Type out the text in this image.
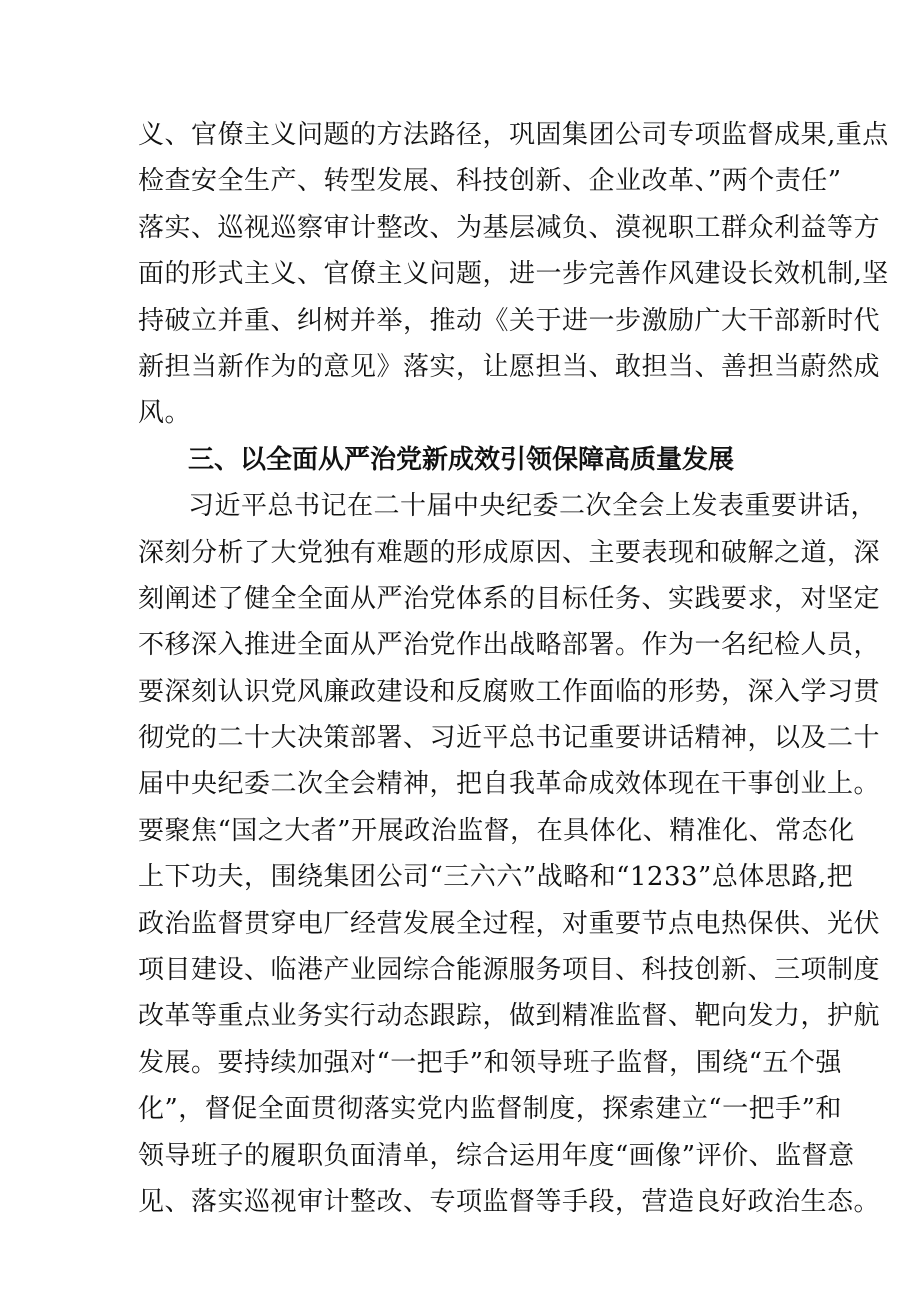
义、官僚主义问题的方法路径，巩固集团公司专项监督成果,重点
检查安全生产、转型发展、科技创新、企业改革、”两个责任”
落实、巡视巡察审计整改、为基层减负、漠视职工群众利益等方
面的形式主义、官僚主义问题，进一步完善作风建设长效机制,坚
持破立并重、纠树并举，推动《关于进一步激励广大干部新时代
新担当新作为的意见》落实，让愿担当、敢担当、善担当蔚然成
风。
三、以全面从严治党新成效引领保障高质量发展
习近平总书记在二十届中央纪委二次全会上发表重要讲话，
深刻分析了大党独有难题的形成原因、主要表现和破解之道，深
刻阐述了健全全面从严治党体系的目标任务、实践要求，对坚定
不移深入推进全面从严治党作出战略部署。作为一名纪检人员，
要深刻认识党风廉政建设和反腐败工作面临的形势，深入学习贯
彻党的二十大决策部署、习近平总书记重要讲话精神，以及二十
届中央纪委二次全会精神，把自我革命成效体现在干事创业上。
要聚焦“国之大者”开展政治监督，在具体化、精准化、常态化
上下功夫，围绕集团公司“三六六”战略和“1233”总体思路,把
政治监督贯穿电厂经营发展全过程，对重要节点电热保供、光伏
项目建设、临港产业园综合能源服务项目、科技创新、三项制度
改革等重点业务实行动态跟踪，做到精准监督、靶向发力，护航
发展。要持续加强对“一把手”和领导班子监督，围绕“五个强
化”，督促全面贯彻落实党内监督制度，探索建立“一把手”和
领导班子的履职负面清单，综合运用年度“画像”评价、监督意
见、落实巡视审计整改、专项监督等手段，营造良好政治生态。
